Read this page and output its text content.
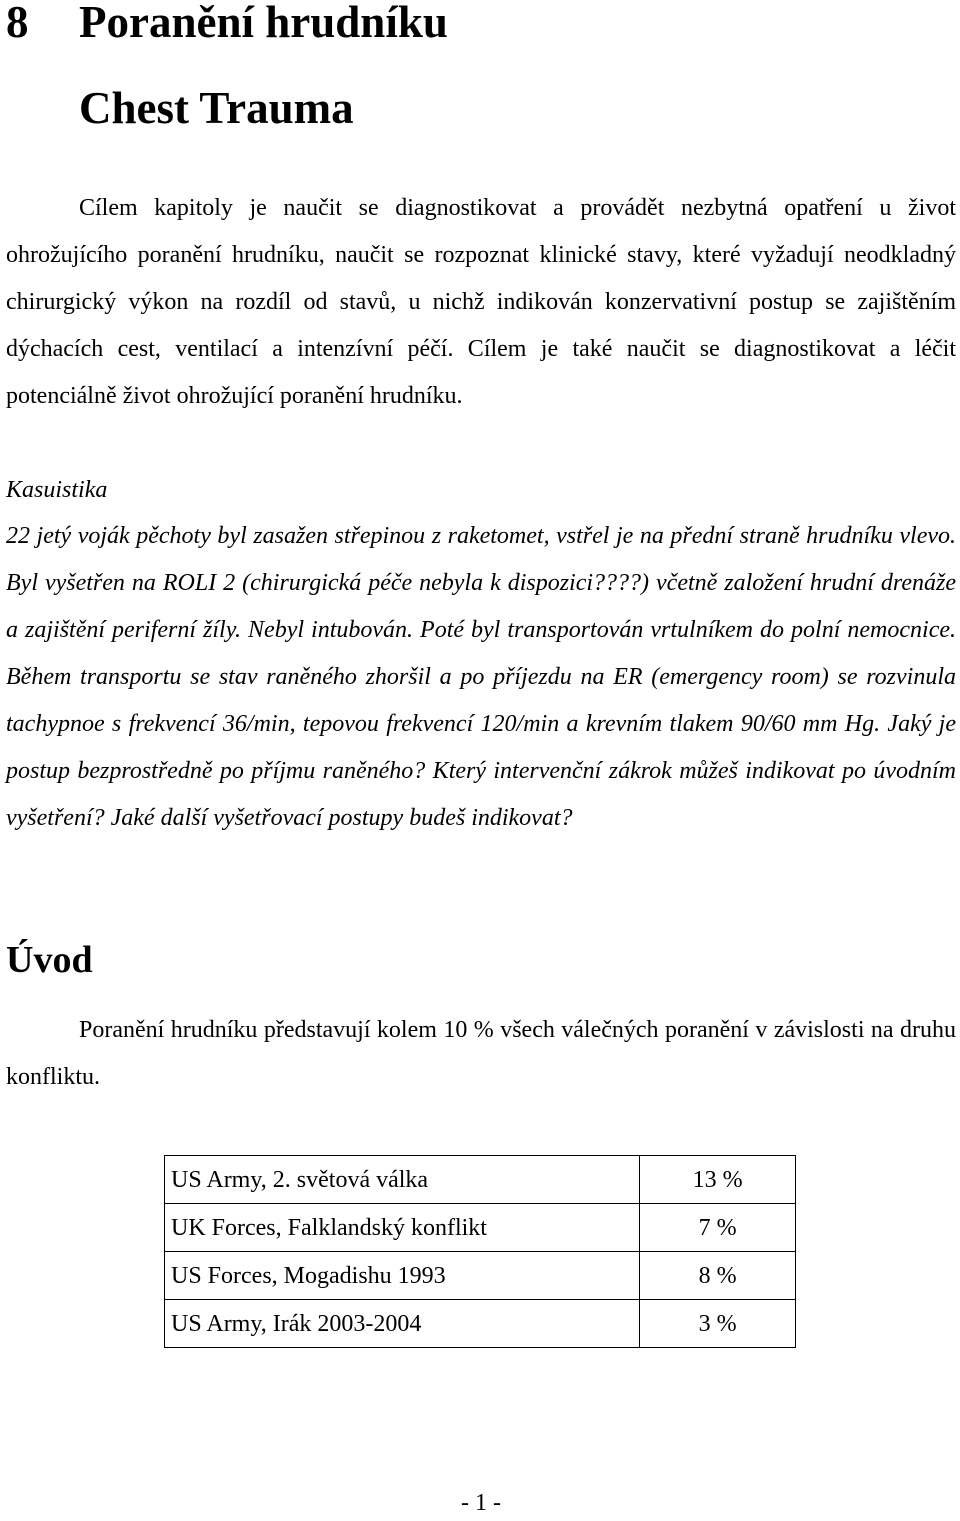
8 Poranění hrudníku
Chest Trauma

Cílem kapitoly je naučit se diagnostikovat a provádět nezbytná opatření u život ohrožujícího poranění hrudníku, naučit se rozpoznat klinické stavy, které vyžadují neodkladný chirurgický výkon na rozdíl od stavů, u nichž indikován konzervativní postup se zajištěním dýchacích cest, ventilací a intenzívní péčí. Cílem je také naučit se diagnostikovat a léčit potenciálně život ohrožující poranění hrudníku.

Kasuistika

22 jetý voják pěchoty byl zasažen střepinou z raketomet, vstřel je na přední straně hrudníku vlevo. Byl vyšetřen na ROLI 2 (chirurgická péče nebyla k dispozici????) včetně založení hrudní drenáže a zajištění periferní žíly. Nebyl intubován. Poté byl transportován vrtulníkem do polní nemocnice. Během transportu se stav raněného zhoršil a po příjezdu na ER (emergency room) se rozvinula tachypnoe s frekvencí 36/min, tepovou frekvencí 120/min a krevním tlakem 90/60 mm Hg. Jaký je postup bezprostředně po příjmu raněného? Který intervenční zákrok můžeš indikovat po úvodním vyšetření? Jaké další vyšetřovací postupy budeš indikovat?

Úvod

Poranění hrudníku představují kolem 10 % všech válečných poranění v závislosti na druhu konfliktu.

US Army, 2. světová válka	13 %
UK Forces, Falklandský konflikt	7 %
US Forces, Mogadishu 1993	8 %
US Army, Irák 2003-2004	3 %

- 1 -
